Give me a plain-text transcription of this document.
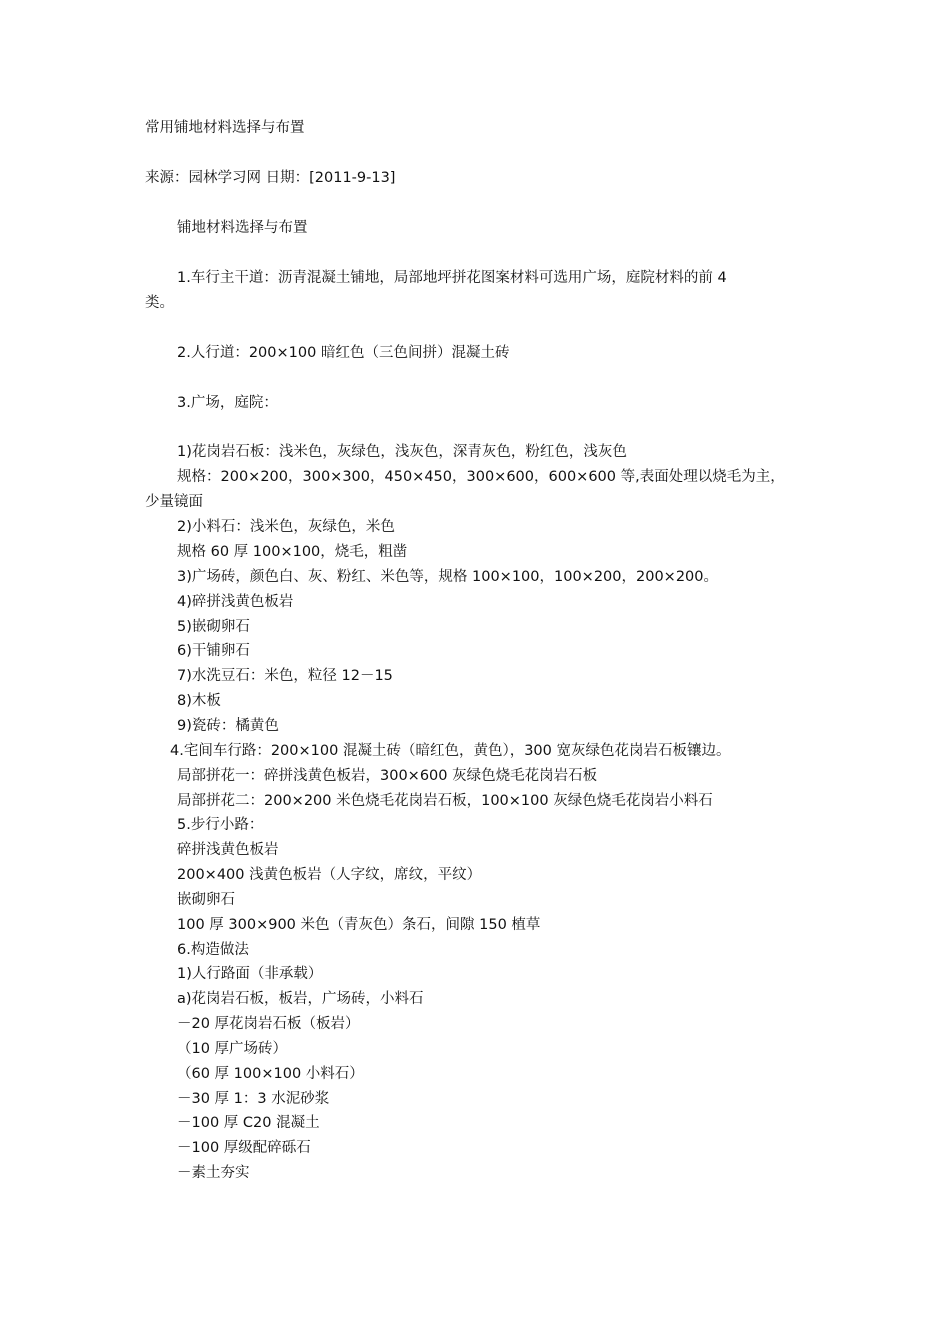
常用铺地材料选择与布置
来源：园林学习网 日期：[2011-9-13]
铺地材料选择与布置
1.车行主干道：沥青混凝土铺地，局部地坪拼花图案材料可选用广场，庭院材料的前 4
类。
2.人行道：200×100 暗红色（三色间拼）混凝土砖
3.广场，庭院：
1)花岗岩石板：浅米色，灰绿色，浅灰色，深青灰色，粉红色，浅灰色
规格：200×200，300×300，450×450，300×600，600×600 等,表面处理以烧毛为主，
少量镜面
2)小料石：浅米色，灰绿色，米色
规格 60 厚 100×100，烧毛，粗凿
3)广场砖，颜色白、灰、粉红、米色等，规格 100×100，100×200，200×200。
4)碎拼浅黄色板岩
5)嵌砌卵石
6)干铺卵石
7)水洗豆石：米色，粒径 12－15
8)木板
9)瓷砖：橘黄色
4.宅间车行路：200×100 混凝土砖（暗红色，黄色），300 宽灰绿色花岗岩石板镶边。
局部拼花一：碎拼浅黄色板岩，300×600 灰绿色烧毛花岗岩石板
局部拼花二：200×200 米色烧毛花岗岩石板，100×100 灰绿色烧毛花岗岩小料石
5.步行小路：
碎拼浅黄色板岩
200×400 浅黄色板岩（人字纹，席纹，平纹）
嵌砌卵石
100 厚 300×900 米色（青灰色）条石，间隙 150 植草
6.构造做法
1)人行路面（非承载）
a)花岗岩石板，板岩，广场砖，小料石
－20 厚花岗岩石板（板岩）
（10 厚广场砖）
（60 厚 100×100 小料石）
－30 厚 1：3 水泥砂浆
－100 厚 C20 混凝土
－100 厚级配碎砾石
－素土夯实
